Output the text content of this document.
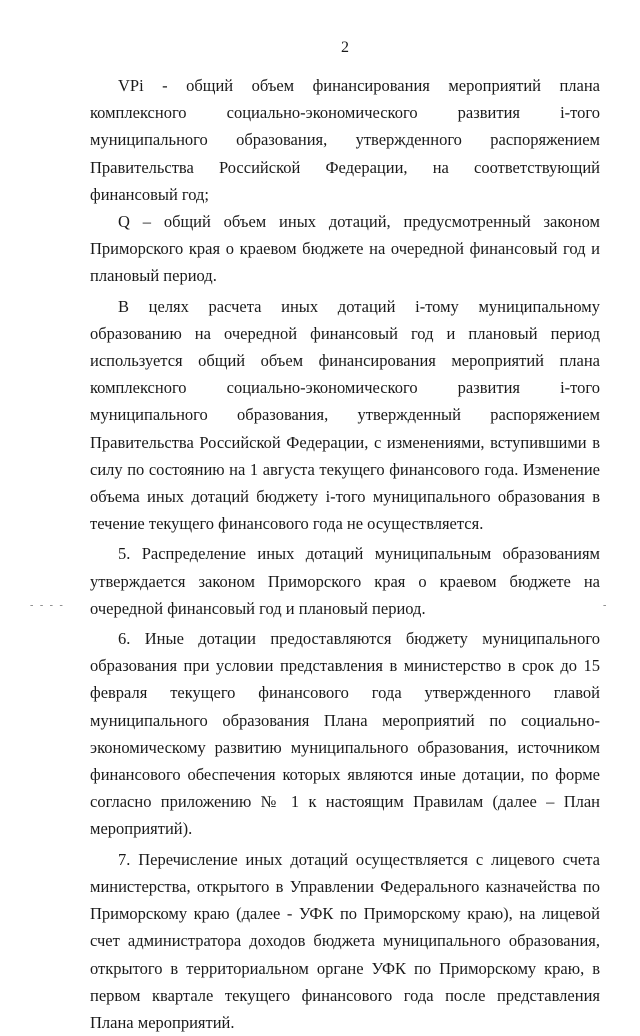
2

VPi - общий объем финансирования мероприятий плана комплексного социально-экономического развития i-того муниципального образования, утвержденного распоряжением Правительства Российской Федерации, на соответствующий финансовый год;

Q – общий объем иных дотаций, предусмотренный законом Приморского края о краевом бюджете на очередной финансовый год и плановый период.

В целях расчета иных дотаций i-тому муниципальному образованию на очередной финансовый год и плановый период используется общий объем финансирования мероприятий плана комплексного социально-экономического развития i-того муниципального образования, утвержденный распоряжением Правительства Российской Федерации, с изменениями, вступившими в силу по состоянию на 1 августа текущего финансового года. Изменение объема иных дотаций бюджету i-того муниципального образования в течение текущего финансового года не осуществляется.

5. Распределение иных дотаций муниципальным образованиям утверждается законом Приморского края о краевом бюджете на очередной финансовый год и плановый период.

6. Иные дотации предоставляются бюджету муниципального образования при условии представления в министерство в срок до 15 февраля текущего финансового года утвержденного главой муниципального образования Плана мероприятий по социально-экономическому развитию муниципального образования, источником финансового обеспечения которых являются иные дотации, по форме согласно приложению № 1 к настоящим Правилам (далее – План мероприятий).

7. Перечисление иных дотаций осуществляется с лицевого счета министерства, открытого в Управлении Федерального казначейства по Приморскому краю (далее - УФК по Приморскому краю), на лицевой счет администратора доходов бюджета муниципального образования, открытого в территориальном органе УФК по Приморскому краю, в первом квартале текущего финансового года после представления Плана мероприятий.

- - - -	-
